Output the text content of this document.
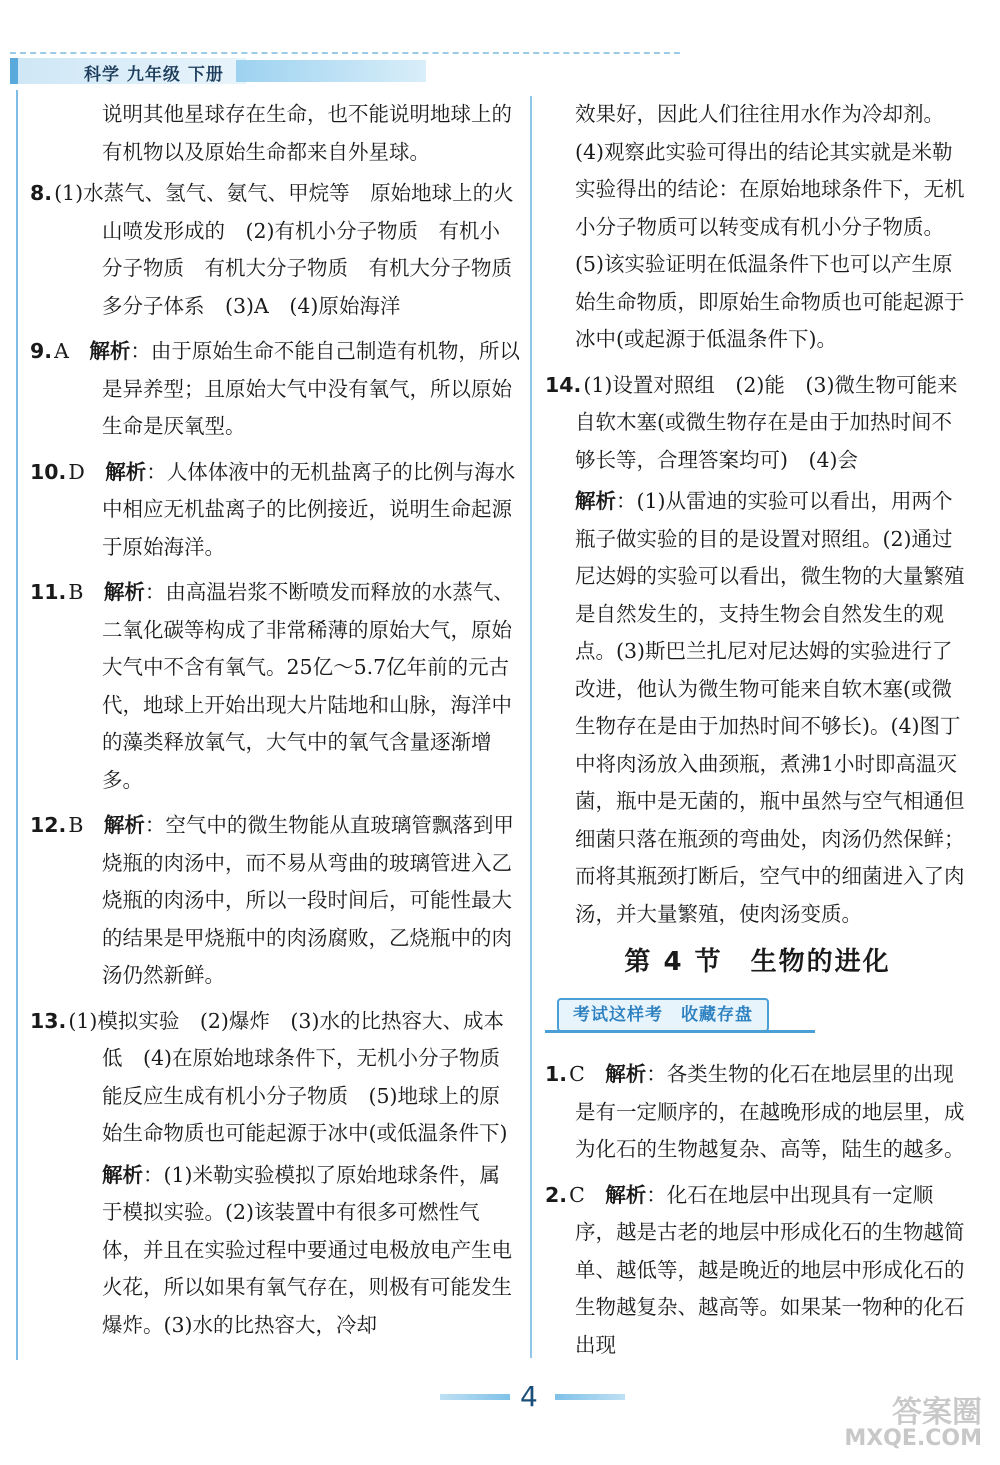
科学 九年级 下册
说明其他星球存在生命，也不能说明地球上的有机物以及原始生命都来自外星球。
8.(1)水蒸气、氢气、氨气、甲烷等　原始地球上的火山喷发形成的　(2)有机小分子物质　有机小分子物质　有机大分子物质　有机大分子物质　多分子体系　(3)A　(4)原始海洋
9.A　 解析：由于原始生命不能自己制造有机物，所以是异养型；且原始大气中没有氧气，所以原始生命是厌氧型。
10.D　 解析：人体体液中的无机盐离子的比例与海水中相应无机盐离子的比例接近，说明生命起源于原始海洋。
11.B　 解析：由高温岩浆不断喷发而释放的水蒸气、二氧化碳等构成了非常稀薄的原始大气，原始大气中不含有氧气。25亿～5.7亿年前的元古代，地球上开始出现大片陆地和山脉，海洋中的藻类释放氧气，大气中的氧气含量逐渐增多。
12.B　 解析：空气中的微生物能从直玻璃管飘落到甲烧瓶的肉汤中，而不易从弯曲的玻璃管进入乙烧瓶的肉汤中，所以一段时间后，可能性最大的结果是甲烧瓶中的肉汤腐败，乙烧瓶中的肉汤仍然新鲜。
13.(1)模拟实验　(2)爆炸　(3)水的比热容大、成本低　(4)在原始地球条件下，无机小分子物质能反应生成有机小分子物质　(5)地球上的原始生命物质也可能起源于冰中(或低温条件下)
解析：(1)米勒实验模拟了原始地球条件，属于模拟实验。(2)该装置中有很多可燃性气体，并且在实验过程中要通过电极放电产生电火花，所以如果有氧气存在，则极有可能发生爆炸。(3)水的比热容大，冷却
效果好，因此人们往往用水作为冷却剂。(4)观察此实验可得出的结论其实就是米勒实验得出的结论：在原始地球条件下，无机小分子物质可以转变成有机小分子物质。(5)该实验证明在低温条件下也可以产生原始生命物质，即原始生命物质也可能起源于冰中(或起源于低温条件下)。
14.(1)设置对照组　(2)能　(3)微生物可能来自软木塞(或微生物存在是由于加热时间不够长等，合理答案均可)　(4)会
解析：(1)从雷迪的实验可以看出，用两个瓶子做实验的目的是设置对照组。(2)通过尼达姆的实验可以看出，微生物的大量繁殖是自然发生的，支持生物会自然发生的观点。(3)斯巴兰扎尼对尼达姆的实验进行了改进，他认为微生物可能来自软木塞(或微生物存在是由于加热时间不够长)。(4)图丁中将肉汤放入曲颈瓶，煮沸1小时即高温灭菌，瓶中是无菌的，瓶中虽然与空气相通但细菌只落在瓶颈的弯曲处，肉汤仍然保鲜；而将其瓶颈打断后，空气中的细菌进入了肉汤，并大量繁殖，使肉汤变质。
第 4 节　生物的进化
考试这样考　收藏存盘
1.C　 解析：各类生物的化石在地层里的出现是有一定顺序的，在越晚形成的地层里，成为化石的生物越复杂、高等，陆生的越多。
2.C　 解析：化石在地层中出现具有一定顺序，越是古老的地层中形成化石的生物越简单、越低等，越是晚近的地层中形成化石的生物越复杂、越高等。如果某一物种的化石出现
4	答案圈
MXQE.COM
